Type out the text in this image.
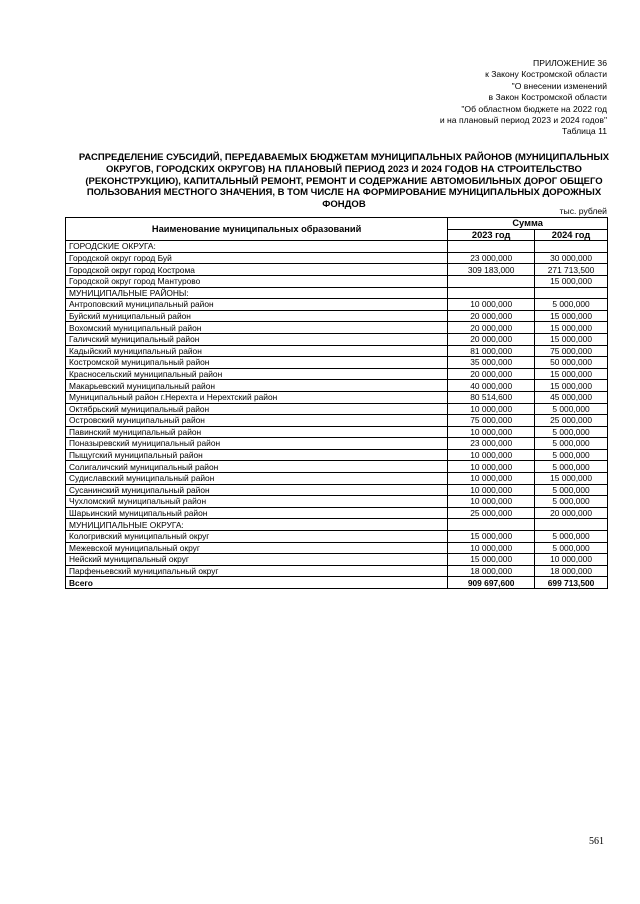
ПРИЛОЖЕНИЕ 36
к Закону Костромской области
"О внесении изменений
в Закон Костромской области
"Об областном бюджете на 2022 год
и на плановый период 2023 и 2024 годов"
Таблица 11
РАСПРЕДЕЛЕНИЕ СУБСИДИЙ, ПЕРЕДАВАЕМЫХ БЮДЖЕТАМ МУНИЦИПАЛЬНЫХ РАЙОНОВ (МУНИЦИПАЛЬНЫХ ОКРУГОВ, ГОРОДСКИХ ОКРУГОВ) НА ПЛАНОВЫЙ ПЕРИОД 2023 И 2024 ГОДОВ НА СТРОИТЕЛЬСТВО (РЕКОНСТРУКЦИЮ), КАПИТАЛЬНЫЙ РЕМОНТ, РЕМОНТ И СОДЕРЖАНИЕ АВТОМОБИЛЬНЫХ ДОРОГ ОБЩЕГО ПОЛЬЗОВАНИЯ МЕСТНОГО ЗНАЧЕНИЯ, В ТОМ ЧИСЛЕ НА ФОРМИРОВАНИЕ МУНИЦИПАЛЬНЫХ ДОРОЖНЫХ ФОНДОВ
тыс. рублей
Наименование муниципальных образований	Сумма	
	2023 год	2024 год
ГОРОДСКИЕ ОКРУГА:		
Городской округ город Буй	23 000,000	30 000,000
Городской округ город Кострома	309 183,000	271 713,500
Городской округ город Мантурово		15 000,000
МУНИЦИПАЛЬНЫЕ РАЙОНЫ:		
Антроповский муниципальный район	10 000,000	5 000,000
Буйский муниципальный район	20 000,000	15 000,000
Вохомский муниципальный район	20 000,000	15 000,000
Галичский муниципальный район	20 000,000	15 000,000
Кадыйский муниципальный район	81 000,000	75 000,000
Костромской муниципальный район	35 000,000	50 000,000
Красносельский муниципальный район	20 000,000	15 000,000
Макарьевский муниципальный район	40 000,000	15 000,000
Муниципальный район г.Нерехта и Нерехтский район	80 514,600	45 000,000
Октябрьский муниципальный район	10 000,000	5 000,000
Островский муниципальный район	75 000,000	25 000,000
Павинский муниципальный район	10 000,000	5 000,000
Поназыревский муниципальный район	23 000,000	5 000,000
Пыщугский муниципальный район	10 000,000	5 000,000
Солигаличский муниципальный район	10 000,000	5 000,000
Судиславский муниципальный район	10 000,000	15 000,000
Сусанинский муниципальный район	10 000,000	5 000,000
Чухломский муниципальный район	10 000,000	5 000,000
Шарьинский муниципальный район	25 000,000	20 000,000
МУНИЦИПАЛЬНЫЕ ОКРУГА:		
Кологривский муниципальный округ	15 000,000	5 000,000
Межевской муниципальный округ	10 000,000	5 000,000
Нейский муниципальный округ	15 000,000	10 000,000
Парфеньевский муниципальный округ	18 000,000	18 000,000
Всего	909 697,600	699 713,500
561
